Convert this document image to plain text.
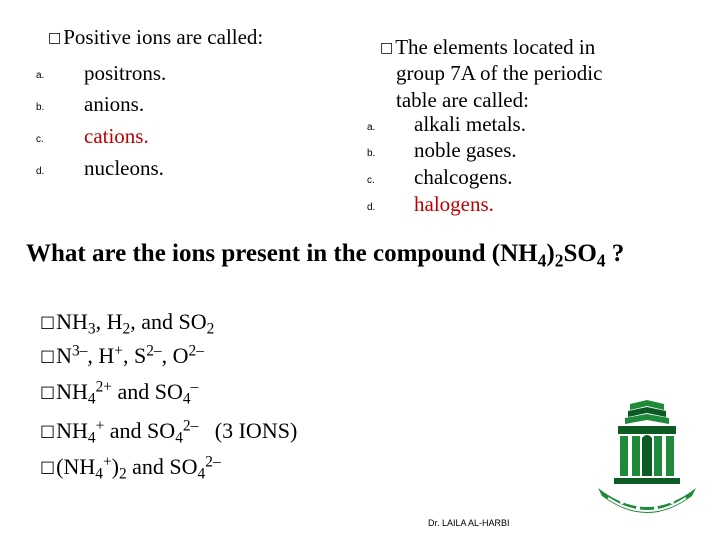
□Positive ions are called:
a. positrons.
b. anions.
c. cations.
d. nucleons.
□The elements located in
group 7A of the periodic
table are called:
a. alkali metals.
b. noble gases.
c. chalcogens.
d. halogens.
What are the ions present in the compound $(NH_4)_2SO_4$ ?
$□NH_3$, $H_2$, and $SO_2$
$□N^{3-}$, H+, $S^{2-}$, $O^{2-}$
$□NH_4^{2+}$ and $SO_4^-$
$□NH_4^+$ and $SO_4^{2-}$   (3 IONS)
$□(NH_4^+)_2$ and $SO_4^{2-}$
Dr. LAILA AL-HARBI
